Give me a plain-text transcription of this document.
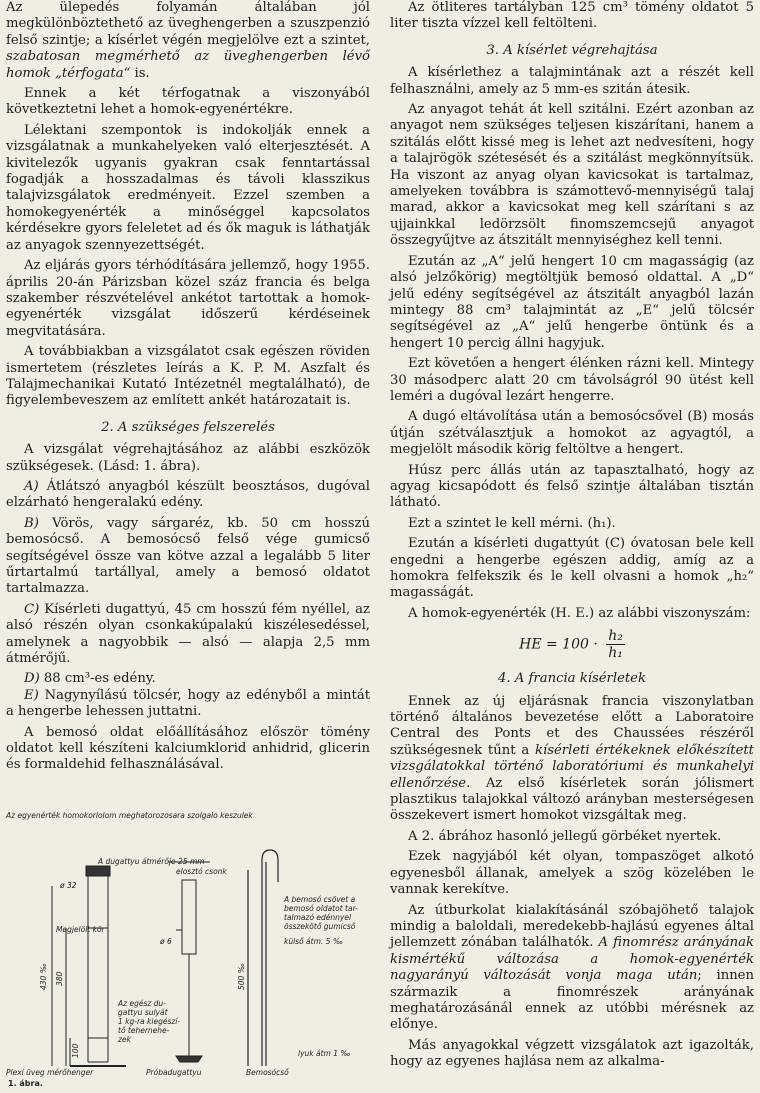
Az ülepedés folyamán általában jól megkülönböztethető az üveghengerben a szuszpenzió felső szintje; a kísérlet végén megjelölve ezt a szintet, szabatosan megmérhető az üveghengerben lévő homok „térfogata“ is.

Ennek a két térfogatnak a viszonyából következtetni lehet a homok-egyenértékre.

Lélektani szempontok is indokolják ennek a vizsgálatnak a munkahelyeken való elterjesztését. A kivitelezők ugyanis gyakran csak fenntartással fogadják a hosszadalmas és távoli klasszikus talajvizsgálatok eredményeit. Ezzel szemben a homokegyenérték a minőséggel kapcsolatos kérdésekre gyors feleletet ad és ők maguk is láthatják az anyagok szennyezettségét.

Az eljárás gyors térhódítására jellemző, hogy 1955. április 20-án Párizsban közel száz francia és belga szakember részvételével ankétot tartottak a homok-egyenérték vizsgálat időszerű kérdéseinek megvitatására.

A továbbiakban a vizsgálatot csak egészen röviden ismertetem (részletes leírás a K. P. M. Aszfalt és Talajmechanikai Kutató Intézetnél megtalálható), de figyelembeveszem az említett ankét határozatait is.

2. A szükséges felszerelés

A vizsgálat végrehajtásához az alábbi eszközök szükségesek. (Lásd: 1. ábra).

A) Átlátszó anyagból készült beosztásos, dugóval elzárható hengeralakú edény.

B) Vörös, vagy sárgaréz, kb. 50 cm hosszú bemosócső. A bemosócső felső vége gumicső segítségével össze van kötve azzal a legalább 5 liter űrtartalmú tartállyal, amely a bemosó oldatot tartalmazza.

C) Kísérleti dugattyú, 45 cm hosszú fém nyéllel, az alsó részén olyan csonkakúpalakú kiszélesedéssel, amelynek a nagyobbik — alsó — alapja 2,5 mm átmérőjű.

D) 88 cm³-es edény.

E) Nagynyílású tölcsér, hogy az edényből a mintát a hengerbe lehessen juttatni.

A bemosó oldat előállításához először tömény oldatot kell készíteni kalciumklorid anhidrid, glicerin és formaldehid felhasználásával.

Az ötliteres tartályban 125 cm³ tömény oldatot 5 liter tiszta vízzel kell feltölteni.

3. A kísérlet végrehajtása

A kísérlethez a talajmintának azt a részét kell felhasználni, amely az 5 mm-es szitán átesik.

Az anyagot tehát át kell szitálni. Ezért azonban az anyagot nem szükséges teljesen kiszárítani, hanem a szitálás előtt kissé meg is lehet azt nedvesíteni, hogy a talajrögök szétesését és a szitálást megkönnyítsük. Ha viszont az anyag olyan kavicsokat is tartalmaz, amelyeken továbbra is számottevő-mennyiségű talaj marad, akkor a kavicsokat meg kell szárítani s az ujjainkkal ledörzsölt finomszemcsejű anyagot összegyűjtve az átszitált mennyiséghez kell tenni.

Ezután az „A“ jelű hengert 10 cm magasságig (az alsó jelzőkörig) megtöltjük bemosó oldattal. A „D“ jelű edény segítségével az átszitált anyagból lazán mintegy 88 cm³ talajmintát az „E“ jelű tölcsér segítségével az „A“ jelű hengerbe öntünk és a hengert 10 percig állni hagyjuk.

Ezt követően a hengert élénken rázni kell. Mintegy 30 másodperc alatt 20 cm távolságról 90 ütést kell leméri a dugóval lezárt hengerre.

A dugó eltávolítása után a bemosócsővel (B) mosás útján szétválasztjuk a homokot az agyagtól, a megjelölt második körig feltöltve a hengert.

Húsz perc állás után az tapasztalható, hogy az agyag kicsapódott és felső szintje általában tisztán látható.

Ezt a szintet le kell mérni. (h₁).

Ezután a kísérleti dugattyút (C) óvatosan bele kell engedni a hengerbe egészen addig, amíg az a homokra felfekszik és le kell olvasni a homok „h₂“ magasságát.

A homok-egyenérték (H. E.) az alábbi viszonyszám:

HE = $100 \cdot \frac{\text{h₂}}{\text{h₁}}$
4. A francia kísérletek

Ennek az új eljárásnak francia viszonylatban történő általános bevezetése előtt a Laboratoire Central des Ponts et des Chaussées részéről szükségesnek tűnt a kísérleti értékeknek előkészített vizsgálatokkal történő laboratóriumi és munkahelyi ellenőrzése. Az első kísérletek során jólismert plasztikus talajokkal változó arányban mesterségesen összekevert ismert homokot vizsgáltak meg.

A 2. ábrához hasonló jellegű görbéket nyertek.

Ezek nagyjából két olyan, tompaszöget alkotó egyenesből állanak, amelyek a szög közelében le vannak kerekítve.

Az útburkolat kialakításánál szóbajöhető talajok mindig a baloldali, meredekebb-hajlású egyenes által jellemzett zónában találhatók. A finomrész arányának kismértékű változása a homok-egyenérték nagyarányú változását vonja maga után; innen származik a finomrészek arányának meghatározásánál ennek az utóbbi mérésnek az előnye.

Más anyagokkal végzett vizsgálatok azt igazolták, hogy az egyenes hajlása nem az alkalma-

Az egyenérték homokorlolom meghatorozosara szolgalo keszulek
ø 32
Megjelölt kör
430 ‰ 380
100
A dugattyu átmérője 25 mm
elosztó csonk
ø 6
Az egész du- gattyu sulyát 1 kg-ra kiegészí- tő tehernehe- zek
500 ‰
A bemosó csövet a bemosó oldatot tar- talmazó edénnyel összekötő gumicső
külső átm. 5 ‰
lyuk átm 1 ‰
Plexi üveg mérőhenger	Próbadugattyu	Bemosócső
1. ábra.
